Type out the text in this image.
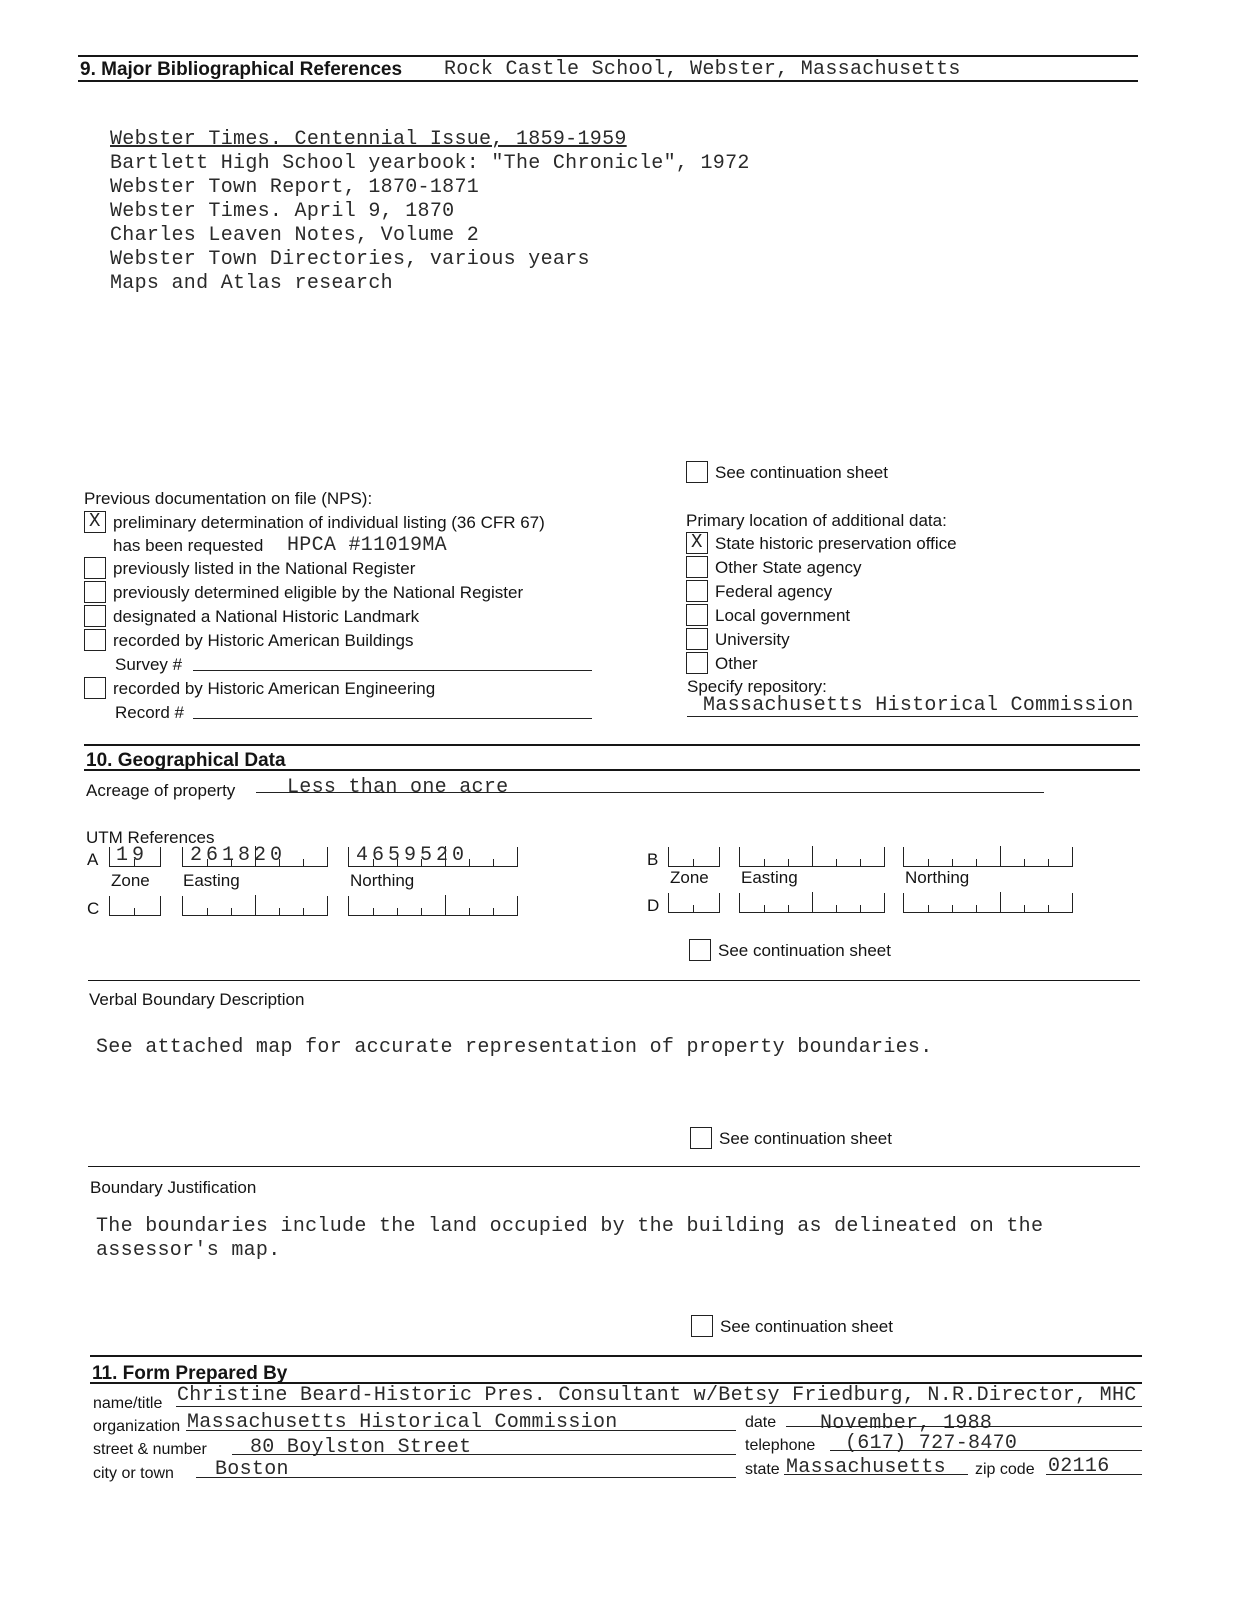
9. Major Bibliographical References Rock Castle School, Webster, Massachusetts
Webster Times. Centennial Issue, 1859-1959
Bartlett High School yearbook: "The Chronicle", 1972
Webster Town Report, 1870-1871
Webster Times. April 9, 1870
Charles Leaven Notes, Volume 2
Webster Town Directories, various years
Maps and Atlas research
See continuation sheet
Previous documentation on file (NPS):
X preliminary determination of individual listing (36 CFR 67)
has been requested HPCA #11019MA
previously listed in the National Register
previously determined eligible by the National Register
designated a National Historic Landmark
recorded by Historic American Buildings
Survey #
recorded by Historic American Engineering
Record #
Primary location of additional data:
X State historic preservation office
Other State agency
Federal agency
Local government
University
Other
Specify repository:
Massachusetts Historical Commission
10. Geographical Data
Acreage of property	Less than one acre
UTM References
A 19 261820	4659520
Zone Easting	Northing
C
B
Zone Easting	Northing
D
See continuation sheet
Verbal Boundary Description
See attached map for accurate representation of property boundaries.
See continuation sheet
Boundary Justification
The boundaries include the land occupied by the building as delineated on the
assessor's map.
See continuation sheet
11. Form Prepared By
name/title Christine Beard-Historic Pres. Consultant w/Betsy Friedburg, N.R.Director, MHC
organization Massachusetts Historical Commission	date November, 1988
street & number 80 Boylston Street	telephone (617) 727-8470
city or town Boston	state Massachusetts zip code 02116
